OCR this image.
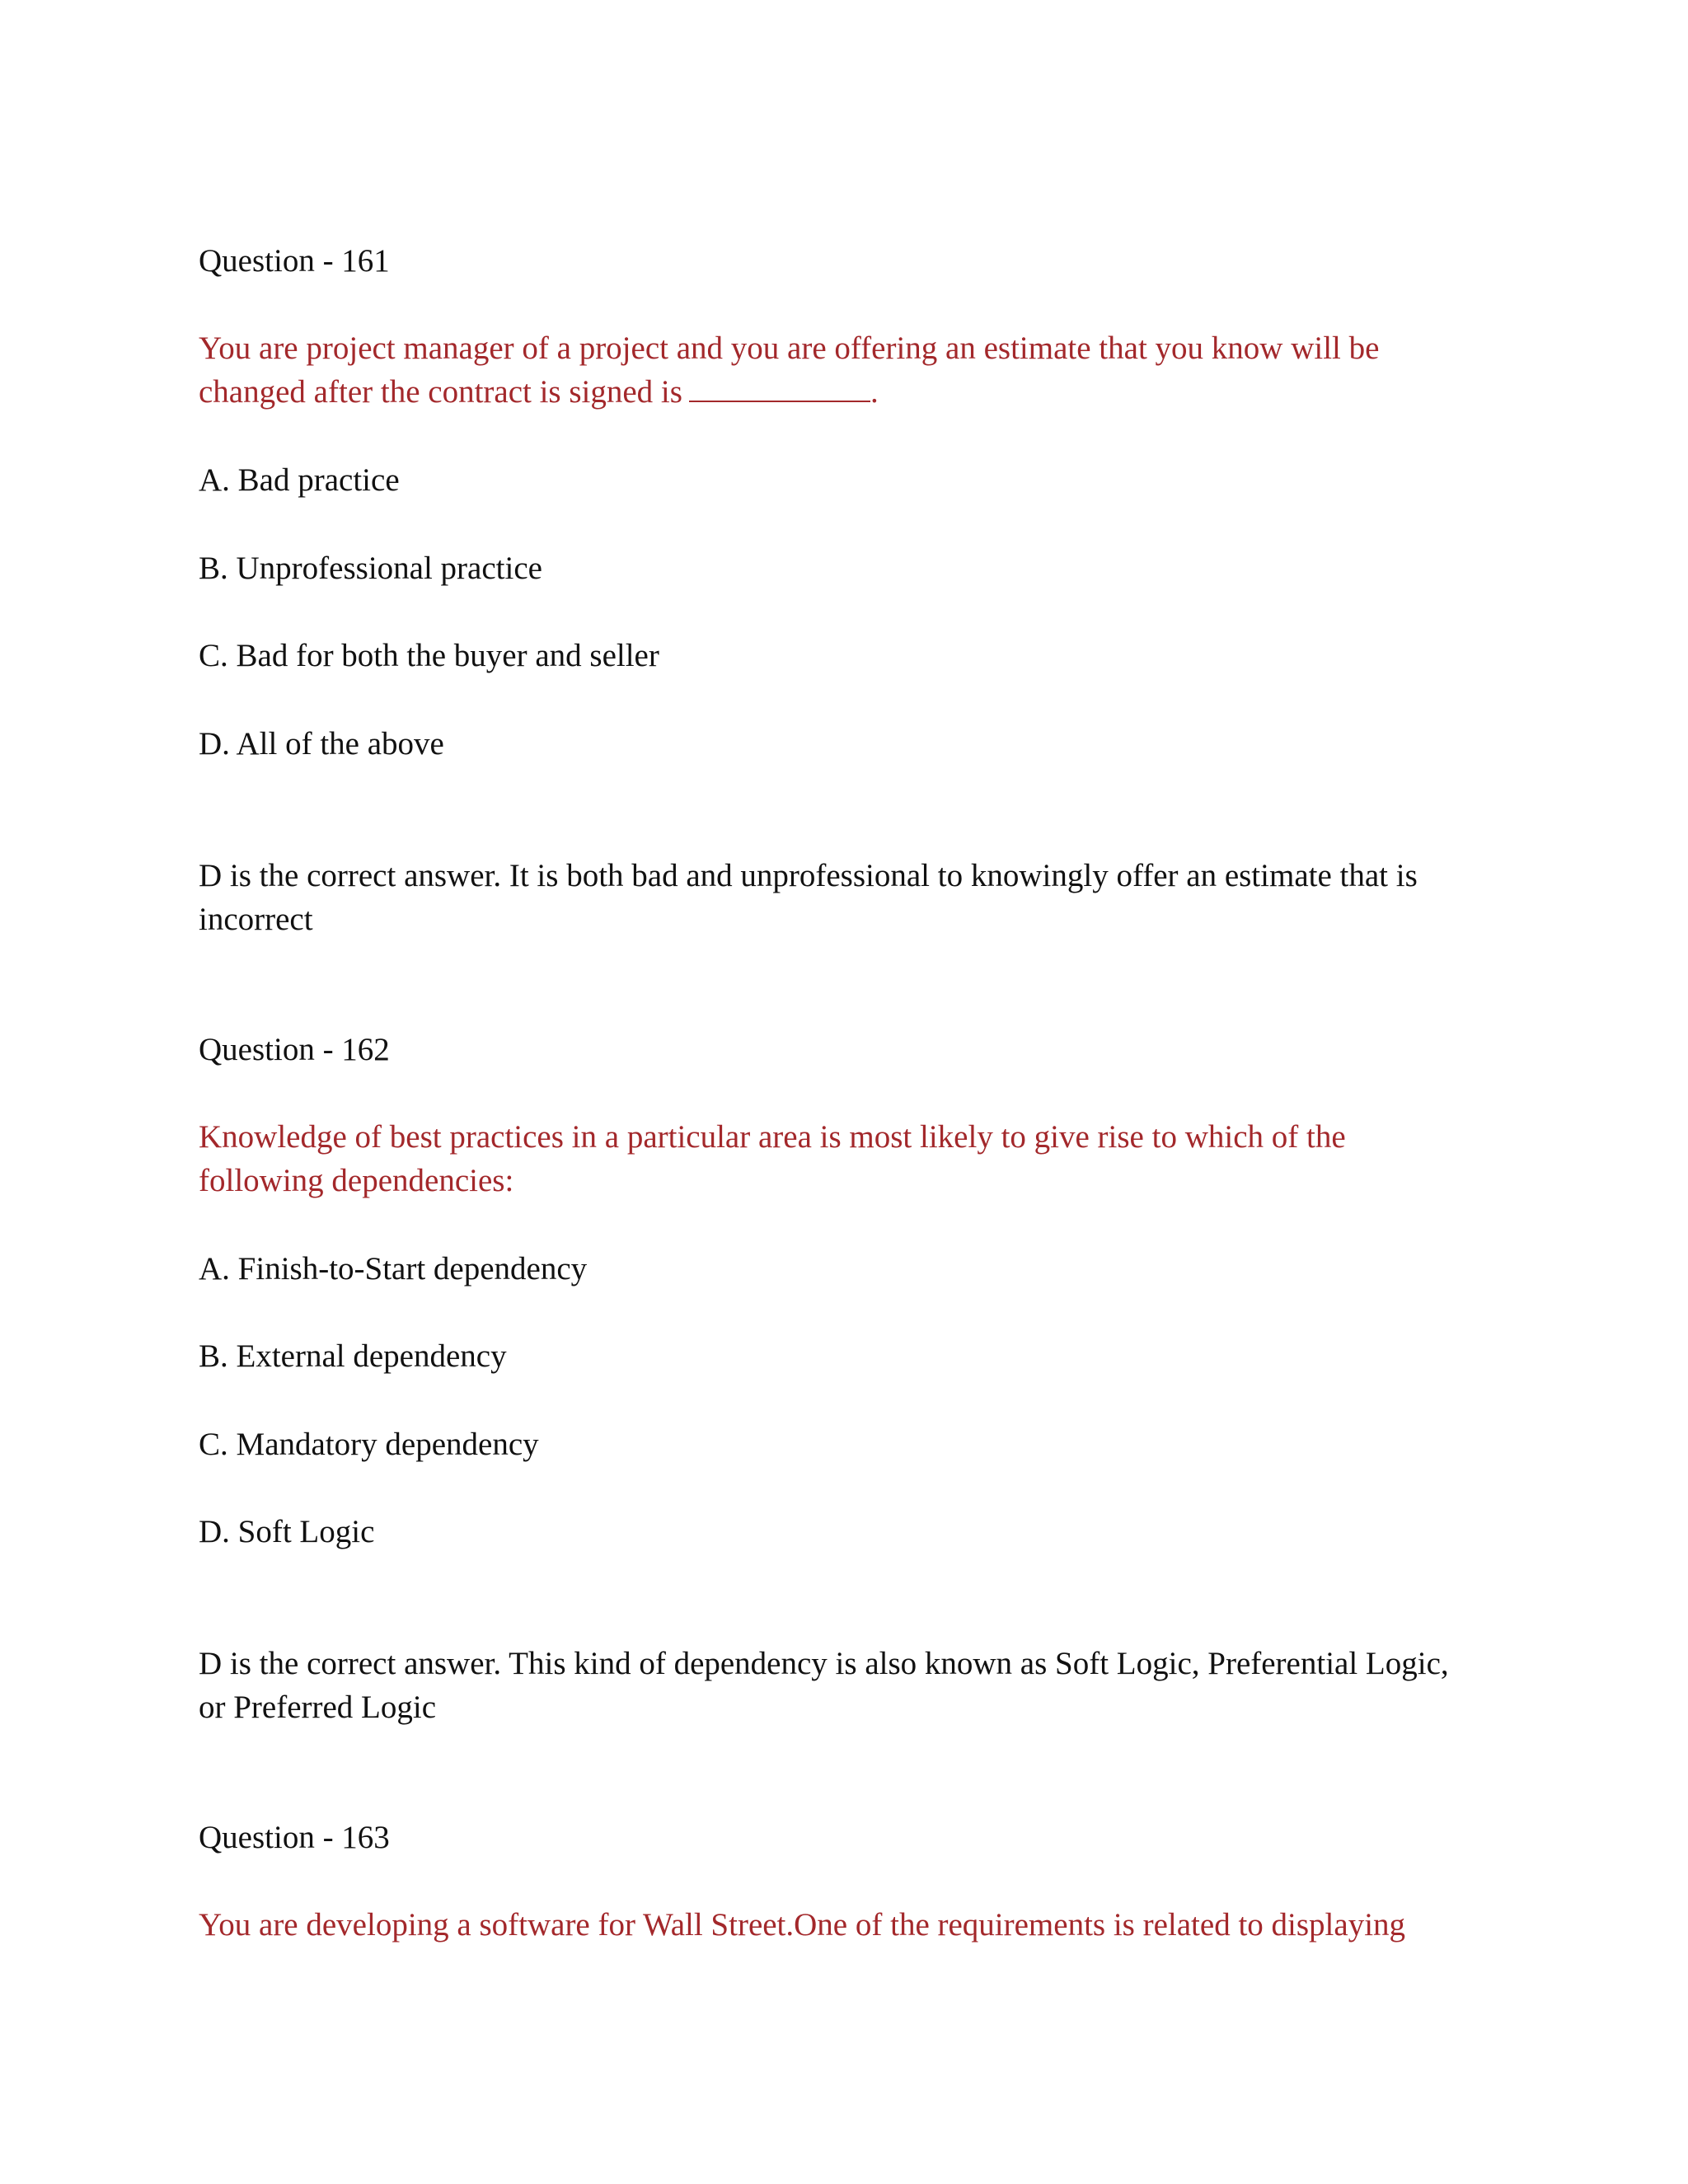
Question - 161

You are project manager of a project and you are offering an estimate that you know will be

changed after the contract is signed is	.

A. Bad practice

B. Unprofessional practice

C. Bad for both the buyer and seller

D. All of the above

D is the correct answer. It is both bad and unprofessional to knowingly offer an estimate that is

incorrect

Question - 162

Knowledge of best practices in a particular area is most likely to give rise to which of the

following dependencies:

A. Finish-to-Start dependency

B. External dependency

C. Mandatory dependency

D. Soft Logic

D is the correct answer. This kind of dependency is also known as Soft Logic, Preferential Logic,

or Preferred Logic

Question - 163

You are developing a software for Wall Street.One of the requirements is related to displaying
